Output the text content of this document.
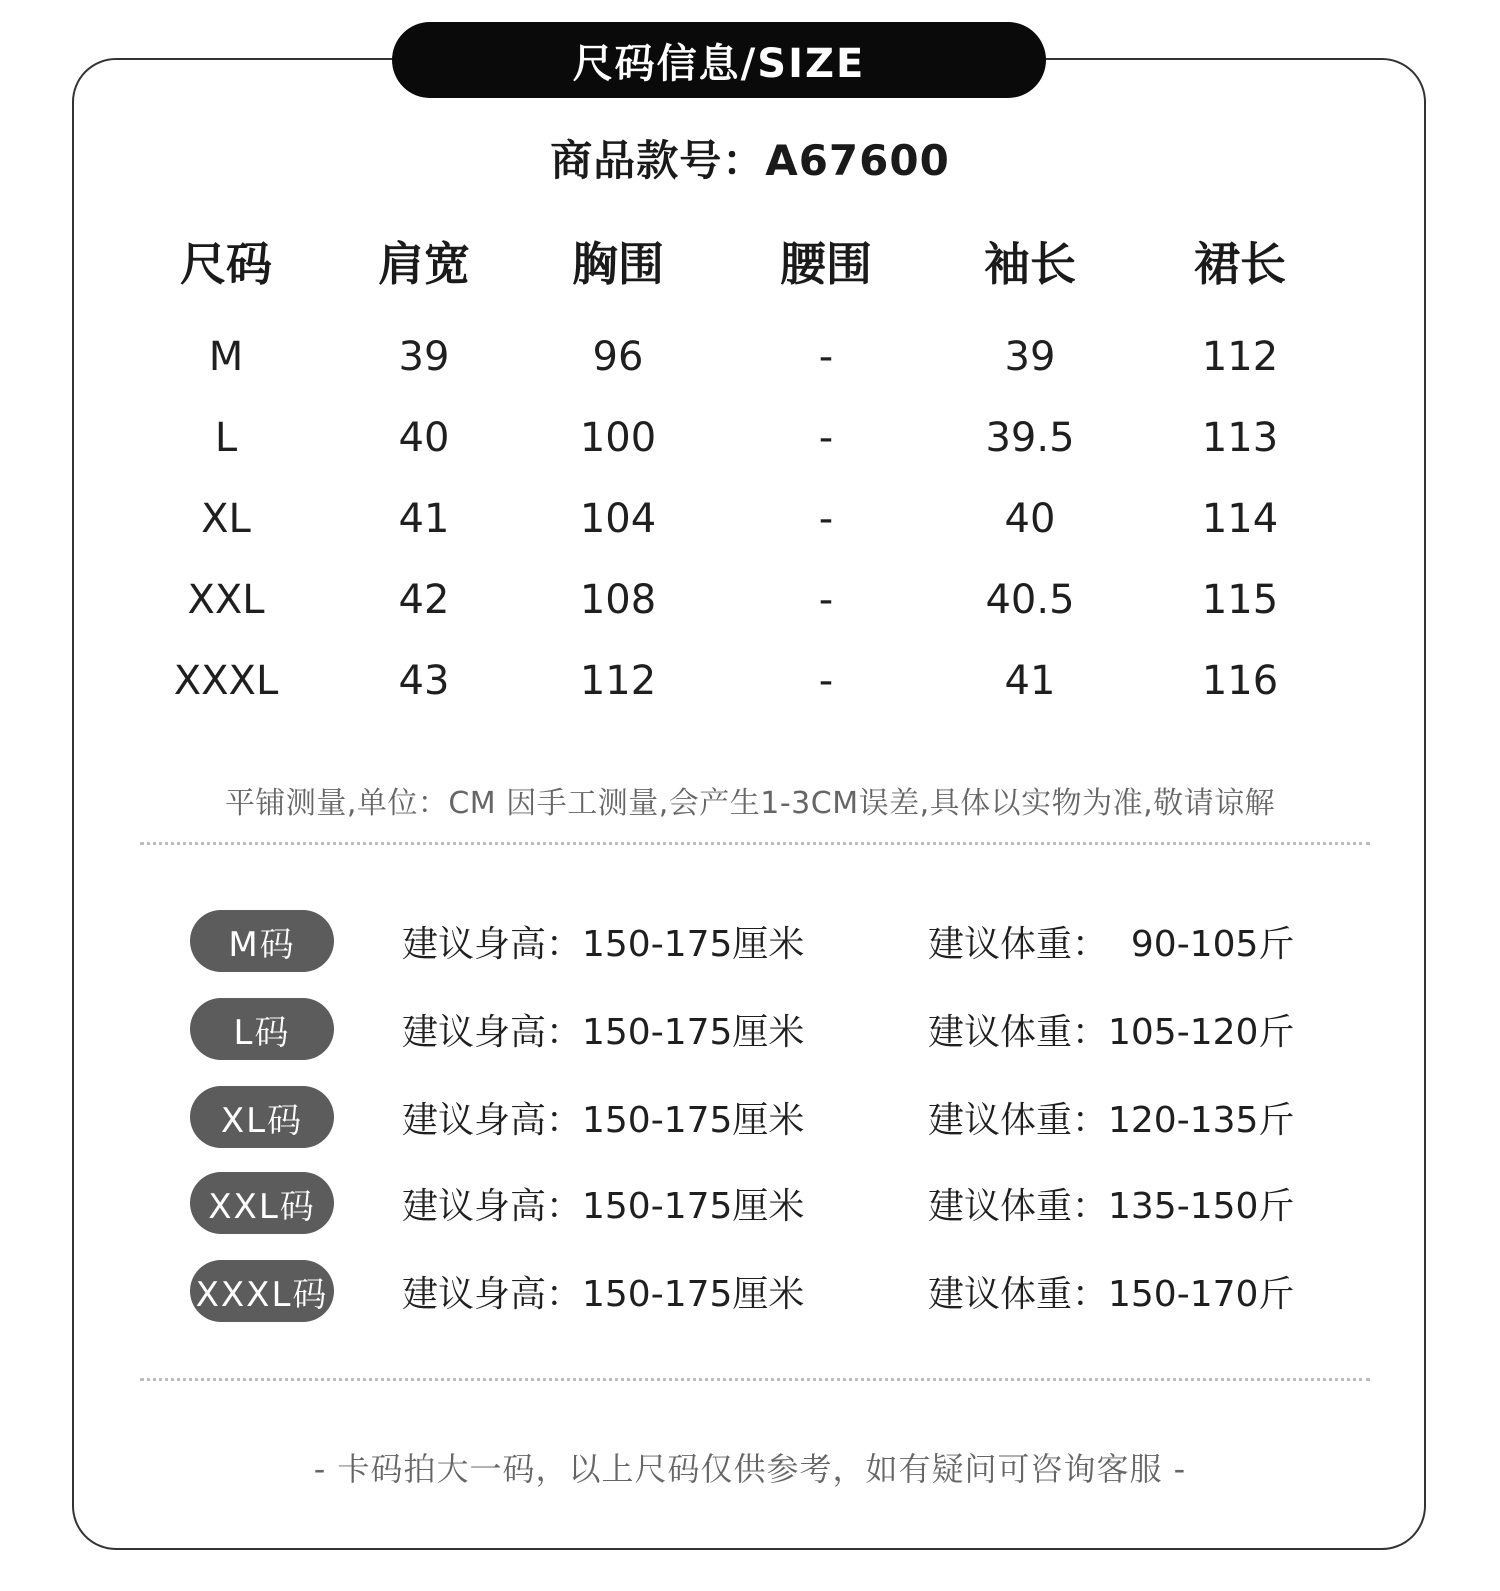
尺码信息/SIZE
商品款号：A67600
尺码	肩宽	胸围	腰围	袖长	裙长
M	39	96	-	39	112
L	40	100	-	39.5	113
XL	41	104	-	40	114
XXL	42	108	-	40.5	115
XXXL	43	112	-	41	116
平铺测量,单位：CM 因手工测量,会产生1-3CM误差,具体以实物为准,敬请谅解
M码	建议身高：150-175厘米	建议体重：  90-105斤
L码	建议身高：150-175厘米	建议体重：105-120斤
XL码	建议身高：150-175厘米	建议体重：120-135斤
XXL码	建议身高：150-175厘米	建议体重：135-150斤
XXXL码 建议身高：150-175厘米	建议体重：150-170斤
- 卡码拍大一码，以上尺码仅供参考，如有疑问可咨询客服 -
